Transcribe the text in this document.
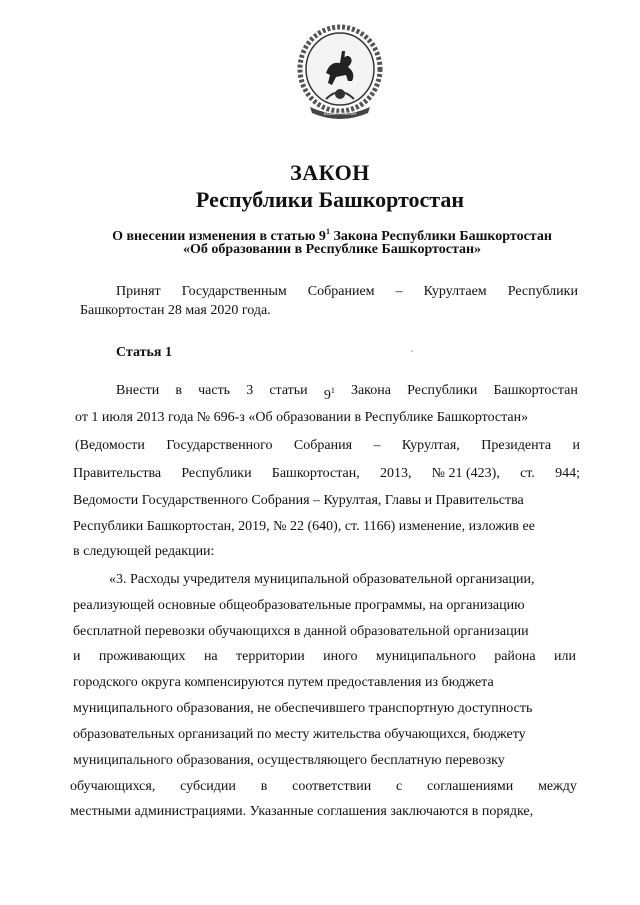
БАШКОРТОСТАН
ЗАКОН
Республики Башкортостан
О внесении изменения в статью $9^1$ Закона Республики Башкортостан
«Об образовании в Республике Башкортостан»
Принят Государственным Собранием – Курултаем Республики
Башкортостан 28 мая 2020 года.
Статья 1
Внести в часть 3 статьи $9^1$ Закона Республики Башкортостан
от 1 июля 2013 года № 696-з «Об образовании в Республике Башкортостан»
(Ведомости Государственного Собрания – Курултая, Президента и
Правительства Республики Башкортостан, 2013, № 21 (423), ст. 944;
Ведомости Государственного Собрания – Курултая, Главы и Правительства
Республики Башкортостан, 2019, № 22 (640), ст. 1166) изменение, изложив ее
в следующей редакции:
«3. Расходы учредителя муниципальной образовательной организации,
реализующей основные общеобразовательные программы, на организацию
бесплатной перевозки обучающихся в данной образовательной организации
и проживающих на территории иного муниципального района или
городского округа компенсируются путем предоставления из бюджета
муниципального образования, не обеспечившего транспортную доступность
образовательных организаций по месту жительства обучающихся, бюджету
муниципального образования, осуществляющего бесплатную перевозку
обучающихся, субсидии в соответствии с соглашениями между
местными администрациями. Указанные соглашения заключаются в порядке,
